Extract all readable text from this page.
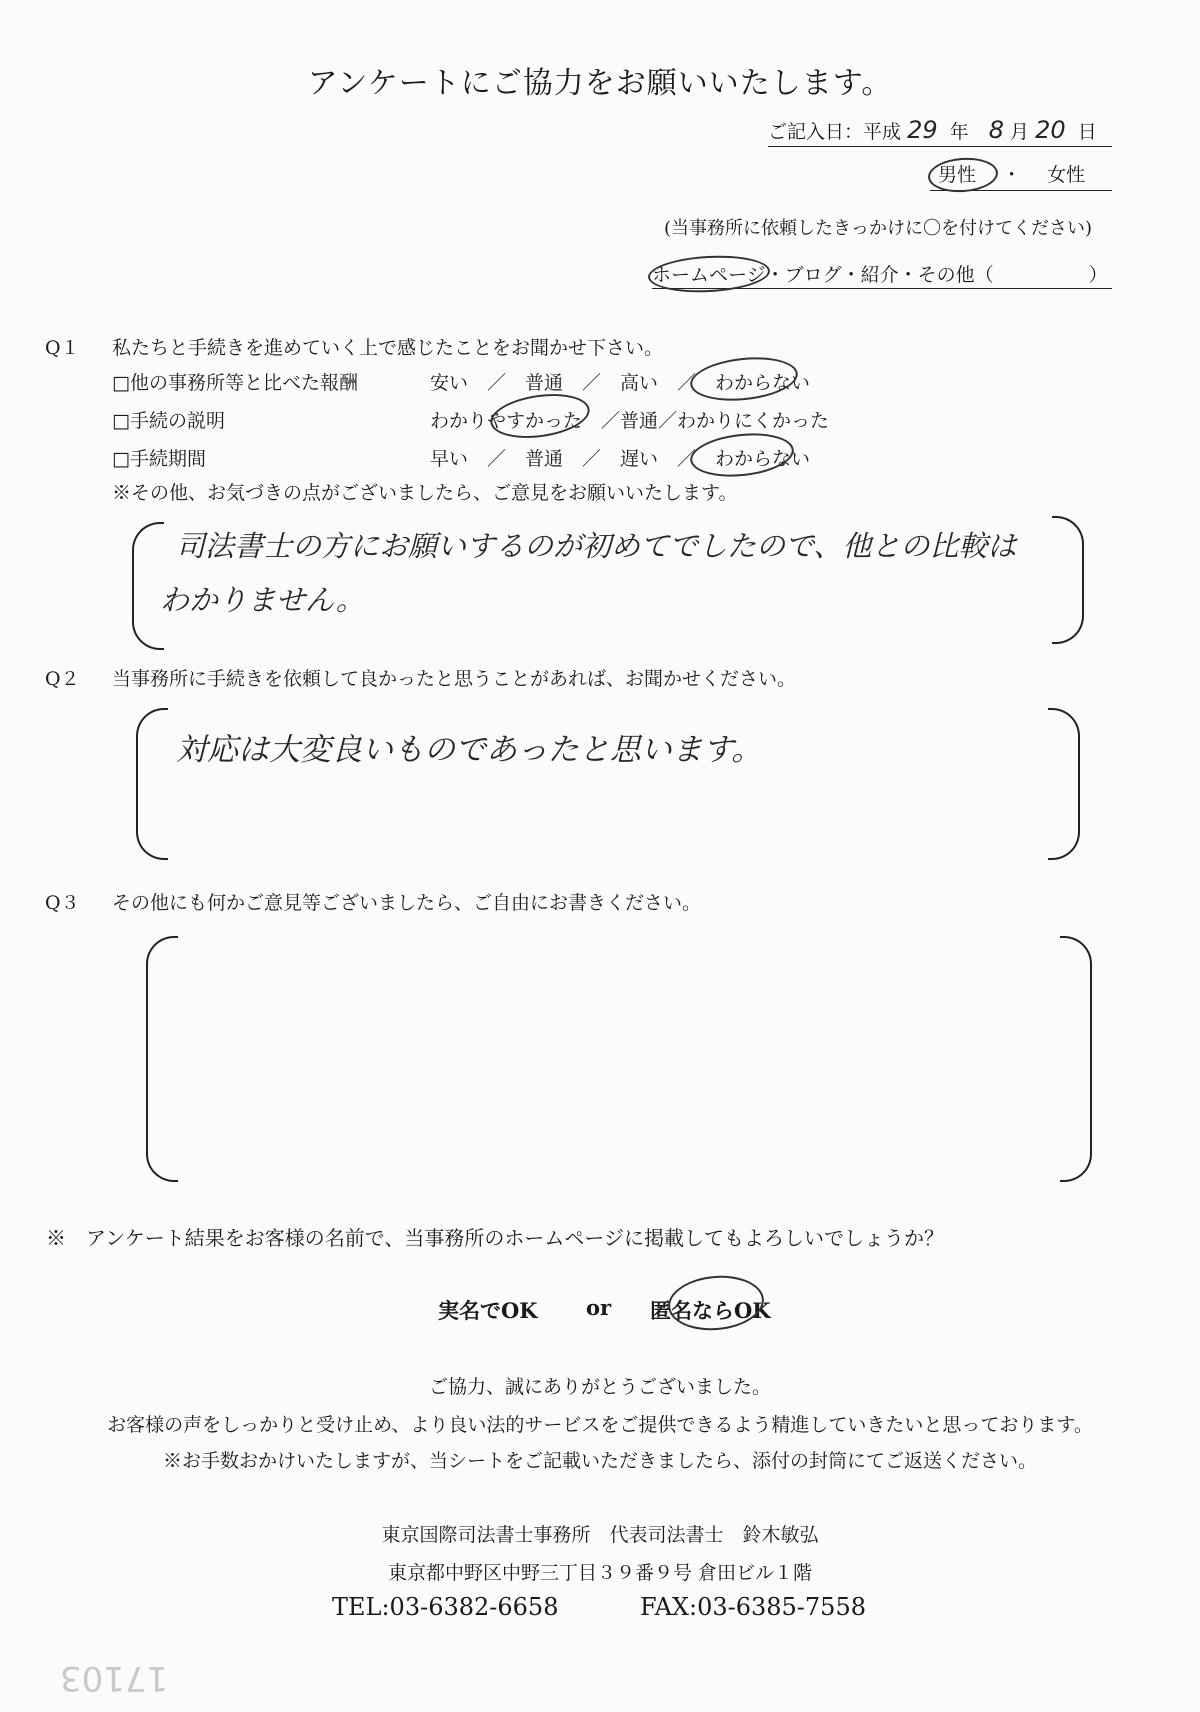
アンケートにご協力をお願いいたします。
ご記入日：平成 29 年 8 月 20 日
男性 ・ 女性
(当事務所に依頼したきっかけに〇を付けてください)
ホームページ・ブログ・紹介・その他（　　　　　）
Q１ 私たちと手続きを進めていく上で感じたことをお聞かせ下さい。
□他の事務所等と比べた報酬	安い　／　普通　／　高い　／　わからない
□手続の説明	わかりやすかった　／普通／わかりにくかった
□手続期間	早い　／　普通　／　遅い　／　わからない
※その他、お気づきの点がございましたら、ご意見をお願いいたします。
司法書士の方にお願いするのが初めてでしたので、他との比較は
わかりません。
Q２ 当事務所に手続きを依頼して良かったと思うことがあれば、お聞かせください。
対応は大変良いものであったと思います。
Q３ その他にも何かご意見等ございましたら、ご自由にお書きください。
※　アンケート結果をお客様の名前で、当事務所のホームページに掲載してもよろしいでしょうか？
実名でOK or 匿名ならOK
ご協力、誠にありがとうございました。
お客様の声をしっかりと受け止め、より良い法的サービスをご提供できるよう精進していきたいと思っております。
※お手数おかけいたしますが、当シートをご記載いただきましたら、添付の封筒にてご返送ください。
東京国際司法書士事務所　代表司法書士　鈴木敏弘
東京都中野区中野三丁目３９番９号 倉田ビル１階
TEL:03-6382-6658	FAX:03-6385-7558
17103
